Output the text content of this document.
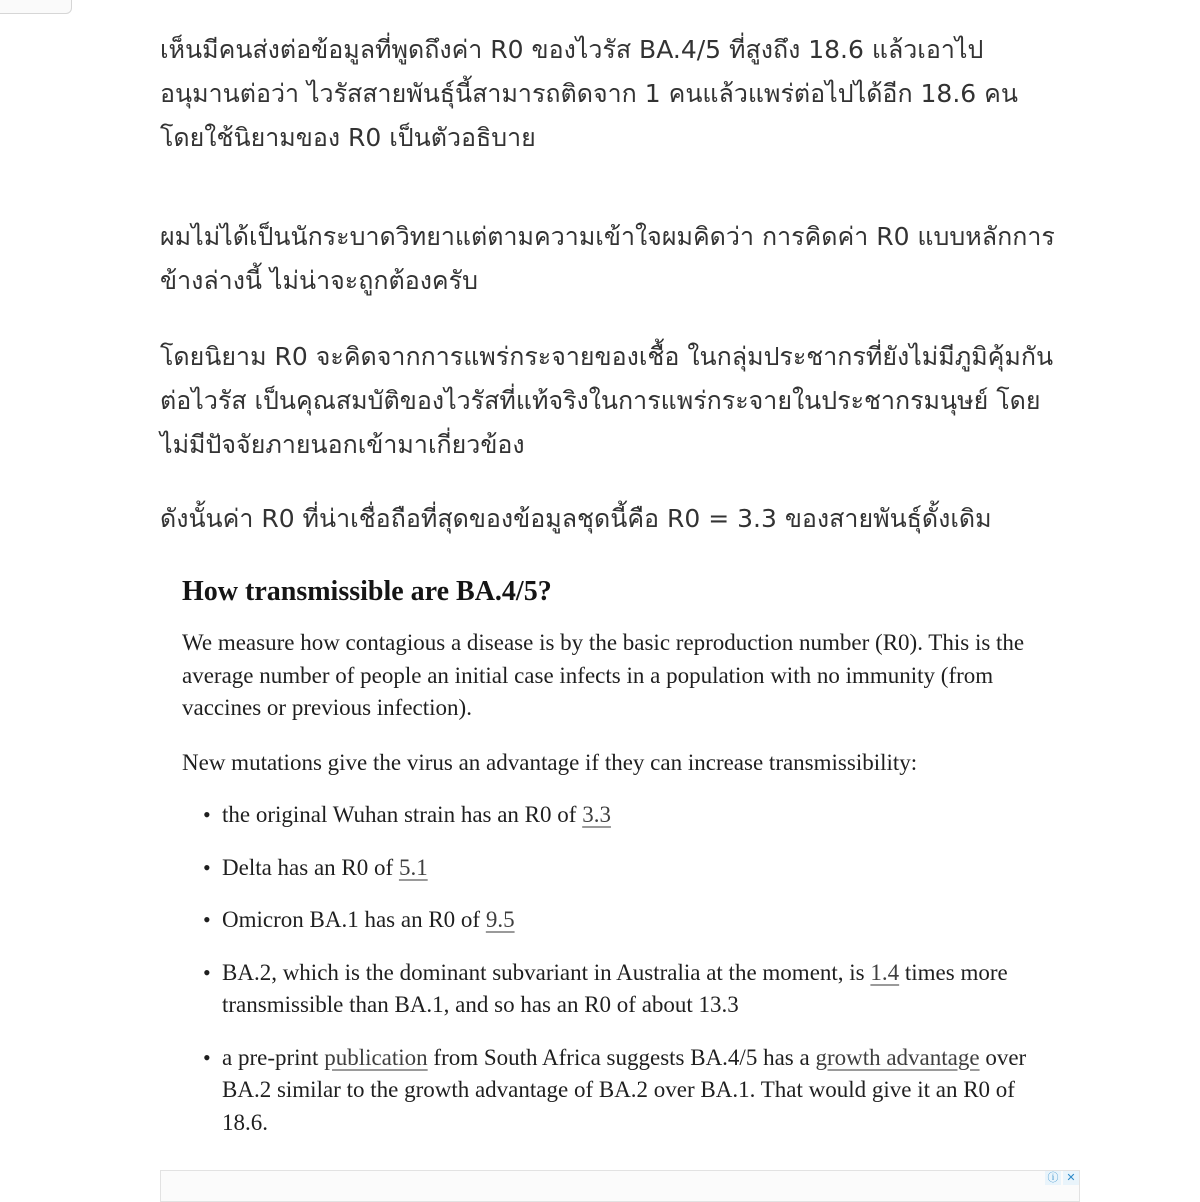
เห็นมีคนส่งต่อข้อมูลที่พูดถึงค่า R0 ของไวรัส BA.4/5 ที่สูงถึง 18.6 แล้วเอาไปอนุมานต่อว่า ไวรัสสายพันธุ์นี้สามารถติดจาก 1 คนแล้วแพร่ต่อไปได้อีก 18.6 คน โดยใช้นิยามของ R0 เป็นตัวอธิบาย

ผมไม่ได้เป็นนักระบาดวิทยาแต่ตามความเข้าใจผมคิดว่า การคิดค่า R0 แบบหลักการข้างล่างนี้ ไม่น่าจะถูกต้องครับ

โดยนิยาม R0 จะคิดจากการแพร่กระจายของเชื้อ ในกลุ่มประชากรที่ยังไม่มีภูมิคุ้มกันต่อไวรัส เป็นคุณสมบัติของไวรัสที่แท้จริงในการแพร่กระจายในประชากรมนุษย์ โดยไม่มีปัจจัยภายนอกเข้ามาเกี่ยวข้อง

ดังนั้นค่า R0 ที่น่าเชื่อถือที่สุดของข้อมูลชุดนี้คือ R0 = 3.3 ของสายพันธุ์ดั้งเดิม

How transmissible are BA.4/5?

We measure how contagious a disease is by the basic reproduction number (R0). This is the average number of people an initial case infects in a population with no immunity (from vaccines or previous infection).

New mutations give the virus an advantage if they can increase transmissibility:

• the original Wuhan strain has an R0 of 3.3
• Delta has an R0 of 5.1
• Omicron BA.1 has an R0 of 9.5
• BA.2, which is the dominant subvariant in Australia at the moment, is 1.4 times more transmissible than BA.1, and so has an R0 of about 13.3
• a pre-print publication from South Africa suggests BA.4/5 has a growth advantage over BA.2 similar to the growth advantage of BA.2 over BA.1. That would give it an R0 of 18.6.
ⓘ ✕
